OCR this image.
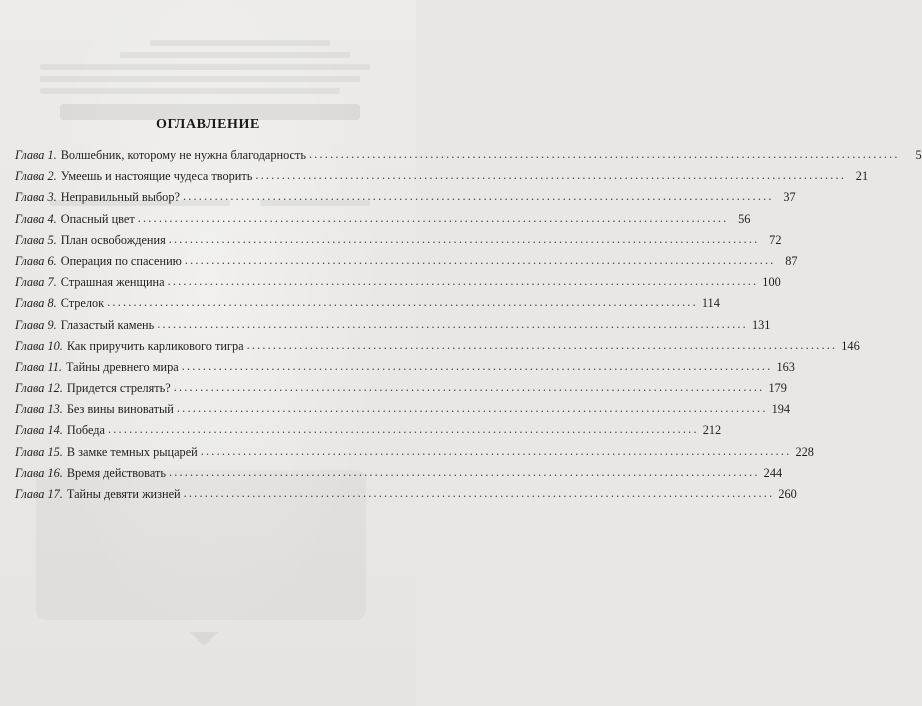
ОГЛАВЛЕНИЕ
Глава 1. Волшебник, которому не нужна благодарность ................................................................................................................	5
Глава 2. Умеешь и настоящие чудеса творить ................................................................................................................ 21
Глава 3. Неправильный выбор? ................................................................................................................ 37
Глава 4. Опасный цвет ................................................................................................................ 56
Глава 5. План освобождения ................................................................................................................ 72
Глава 6. Операция по спасению ................................................................................................................ 87
Глава 7. Страшная женщина ................................................................................................................ 100
Глава 8. Стрелок ................................................................................................................ 114
Глава 9. Глазастый камень ................................................................................................................ 131
Глава 10. Как приручить карликового тигра ................................................................................................................ 146
Глава 11. Тайны древнего мира ................................................................................................................ 163
Глава 12. Придется стрелять? ................................................................................................................ 179
Глава 13. Без вины виноватый ................................................................................................................ 194
Глава 14. Победа ................................................................................................................ 212
Глава 15. В замке темных рыцарей ................................................................................................................ 228
Глава 16. Время действовать ................................................................................................................ 244
Глава 17. Тайны девяти жизней ................................................................................................................ 260
